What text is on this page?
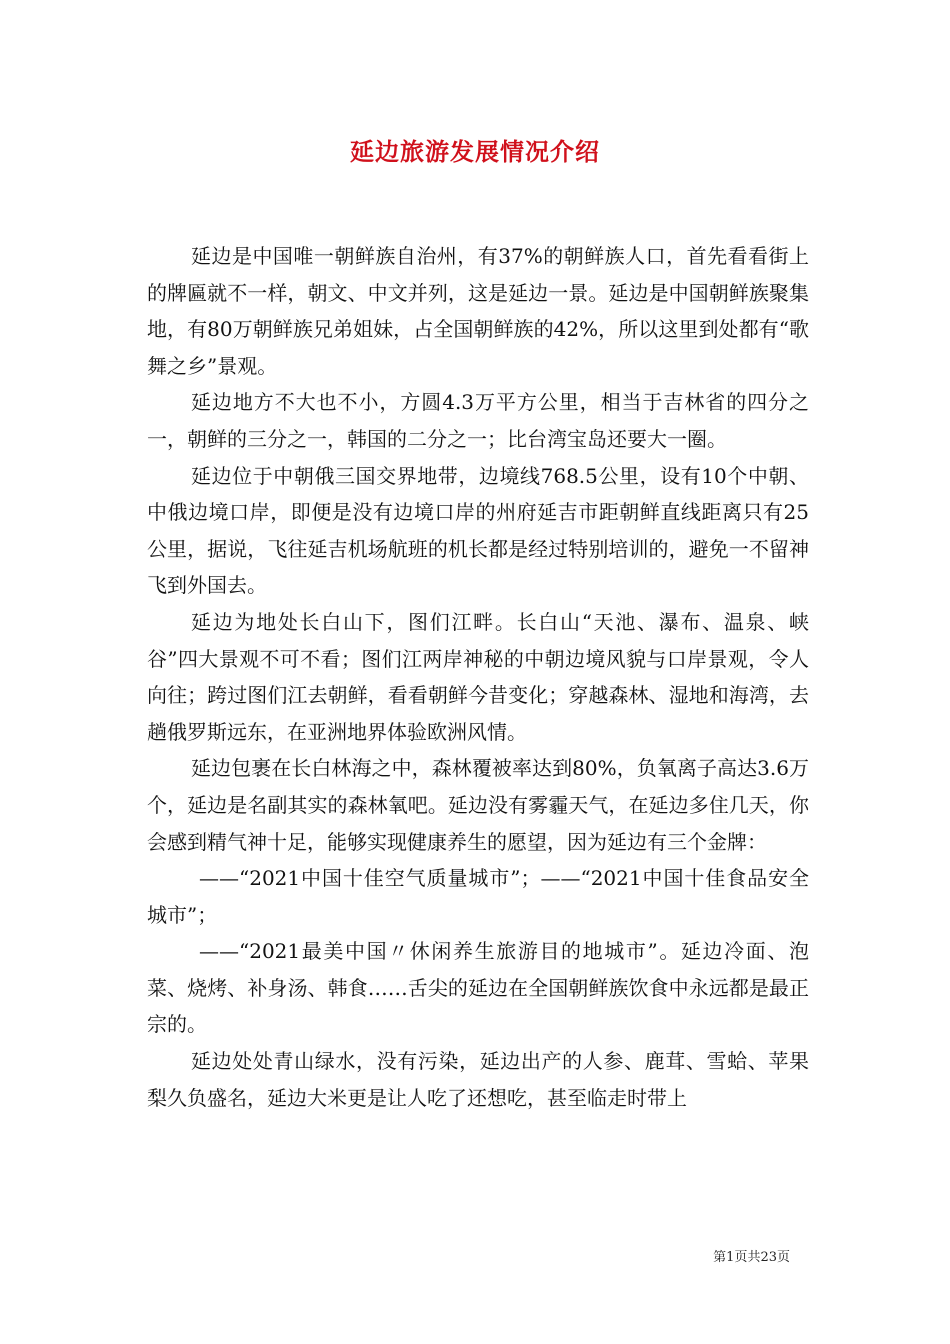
延边旅游发展情况介绍

延边是中国唯一朝鲜族自治州，有37%的朝鲜族人口，首先看看街上的牌匾就不一样，朝文、中文并列，这是延边一景。延边是中国朝鲜族聚集地，有80万朝鲜族兄弟姐妹，占全国朝鲜族的42%，所以这里到处都有“歌舞之乡”景观。

延边地方不大也不小，方圆4.3万平方公里，相当于吉林省的四分之一，朝鲜的三分之一，韩国的二分之一；比台湾宝岛还要大一圈。

延边位于中朝俄三国交界地带，边境线768.5公里，设有10个中朝、中俄边境口岸，即便是没有边境口岸的州府延吉市距朝鲜直线距离只有25公里，据说，飞往延吉机场航班的机长都是经过特别培训的，避免一不留神飞到外国去。

延边为地处长白山下，图们江畔。长白山“天池、瀑布、温泉、峡谷”四大景观不可不看；图们江两岸神秘的中朝边境风貌与口岸景观，令人向往；跨过图们江去朝鲜，看看朝鲜今昔变化；穿越森林、湿地和海湾，去趟俄罗斯远东，在亚洲地界体验欧洲风情。

延边包裹在长白林海之中，森林覆被率达到80%，负氧离子高达3.6万个，延边是名副其实的森林氧吧。延边没有雾霾天气，在延边多住几天，你会感到精气神十足，能够实现健康养生的愿望，因为延边有三个金牌：

——“2021中国十佳空气质量城市”；——“2021中国十佳食品安全城市”；

——“2021最美中国〃休闲养生旅游目的地城市”。延边冷面、泡菜、烧烤、补身汤、韩食……舌尖的延边在全国朝鲜族饮食中永远都是最正宗的。

延边处处青山绿水，没有污染，延边出产的人参、鹿茸、雪蛤、苹果梨久负盛名，延边大米更是让人吃了还想吃，甚至临走时带上

第1页共23页
